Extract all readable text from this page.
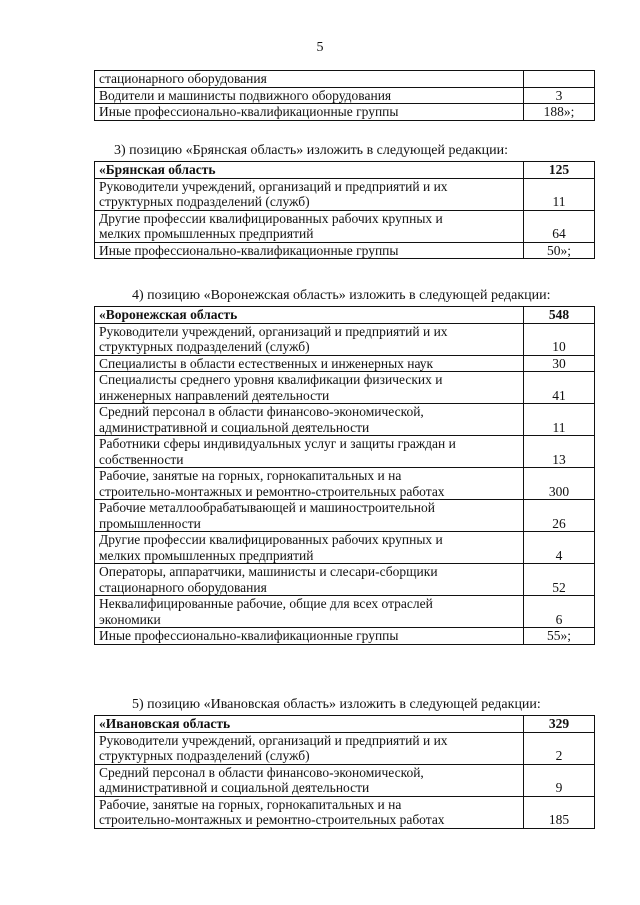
5
стационарного оборудования	
Водители и машинисты подвижного оборудования	3
Иные профессионально-квалификационные группы	188»;
3) позицию «Брянская область» изложить в следующей редакции:
«Брянская область	125
Руководители учреждений, организаций и предприятий и их
структурных подразделений (служб)	11
Другие профессии квалифицированных рабочих крупных и
мелких промышленных предприятий	64
Иные профессионально-квалификационные группы	50»;
4) позицию «Воронежская область» изложить в следующей редакции:
«Воронежская область	548
Руководители учреждений, организаций и предприятий и их
структурных подразделений (служб)	10
Специалисты в области естественных и инженерных наук	30
Специалисты среднего уровня квалификации физических и
инженерных направлений деятельности	41
Средний персонал в области финансово-экономической,
административной и социальной деятельности	11
Работники сферы индивидуальных услуг и защиты граждан и
собственности	13
Рабочие, занятые на горных, горнокапитальных и на
строительно-монтажных и ремонтно-строительных работах	300
Рабочие металлообрабатывающей и машиностроительной
промышленности	26
Другие профессии квалифицированных рабочих крупных и
мелких промышленных предприятий	4
Операторы, аппаратчики, машинисты и слесари-сборщики
стационарного оборудования	52
Неквалифицированные рабочие, общие для всех отраслей
экономики	6
Иные профессионально-квалификационные группы	55»;
5) позицию «Ивановская область» изложить в следующей редакции:
«Ивановская область	329
Руководители учреждений, организаций и предприятий и их
структурных подразделений (служб)	2
Средний персонал в области финансово-экономической,
административной и социальной деятельности	9
Рабочие, занятые на горных, горнокапитальных и на
строительно-монтажных и ремонтно-строительных работах	185
